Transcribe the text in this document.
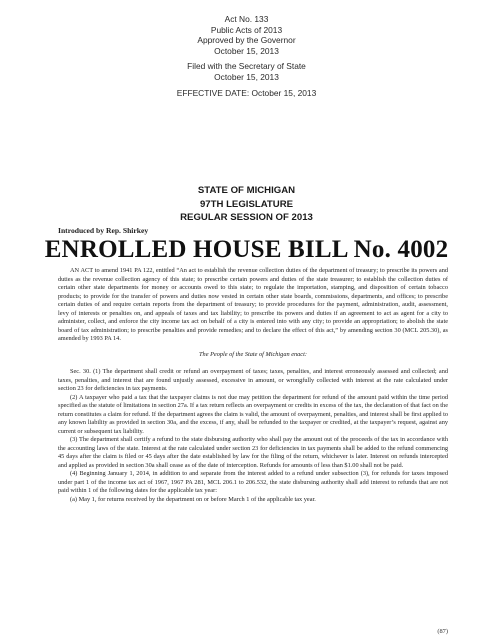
Act No. 133
Public Acts of 2013
Approved by the Governor
October 15, 2013
Filed with the Secretary of State
October 15, 2013
EFFECTIVE DATE: October 15, 2013
STATE OF MICHIGAN
97TH LEGISLATURE
REGULAR SESSION OF 2013
Introduced by Rep. Shirkey
ENROLLED HOUSE BILL No. 4002

AN ACT to amend 1941 PA 122, entitled “An act to establish the revenue collection duties of the department of treasury; to prescribe its powers and duties as the revenue collection agency of this state; to prescribe certain powers and duties of the state treasurer; to establish the collection duties of certain other state departments for money or accounts owed to this state; to regulate the importation, stamping, and disposition of certain tobacco products; to provide for the transfer of powers and duties now vested in certain other state boards, commissions, departments, and offices; to prescribe certain duties of and require certain reports from the department of treasury; to provide procedures for the payment, administration, audit, assessment, levy of interests or penalties on, and appeals of taxes and tax liability; to prescribe its powers and duties if an agreement to act as agent for a city to administer, collect, and enforce the city income tax act on behalf of a city is entered into with any city; to provide an appropriation; to abolish the state board of tax administration; to prescribe penalties and provide remedies; and to declare the effect of this act,” by amending section 30 (MCL 205.30), as amended by 1993 PA 14.

The People of the State of Michigan enact:

Sec. 30. (1) The department shall credit or refund an overpayment of taxes; taxes, penalties, and interest erroneously assessed and collected; and taxes, penalties, and interest that are found unjustly assessed, excessive in amount, or wrongfully collected with interest at the rate calculated under section 23 for deficiencies in tax payments.

(2) A taxpayer who paid a tax that the taxpayer claims is not due may petition the department for refund of the amount paid within the time period specified as the statute of limitations in section 27a. If a tax return reflects an overpayment or credits in excess of the tax, the declaration of that fact on the return constitutes a claim for refund. If the department agrees the claim is valid, the amount of overpayment, penalties, and interest shall be first applied to any known liability as provided in section 30a, and the excess, if any, shall be refunded to the taxpayer or credited, at the taxpayer’s request, against any current or subsequent tax liability.

(3) The department shall certify a refund to the state disbursing authority who shall pay the amount out of the proceeds of the tax in accordance with the accounting laws of the state. Interest at the rate calculated under section 23 for deficiencies in tax payments shall be added to the refund commencing 45 days after the claim is filed or 45 days after the date established by law for the filing of the return, whichever is later. Interest on refunds intercepted and applied as provided in section 30a shall cease as of the date of interception. Refunds for amounts of less than $1.00 shall not be paid.

(4) Beginning January 1, 2014, in addition to and separate from the interest added to a refund under subsection (3), for refunds for taxes imposed under part 1 of the income tax act of 1967, 1967 PA 281, MCL 206.1 to 206.532, the state disbursing authority shall add interest to refunds that are not paid within 1 of the following dates for the applicable tax year:

(a) May 1, for returns received by the department on or before March 1 of the applicable tax year.

(87)
